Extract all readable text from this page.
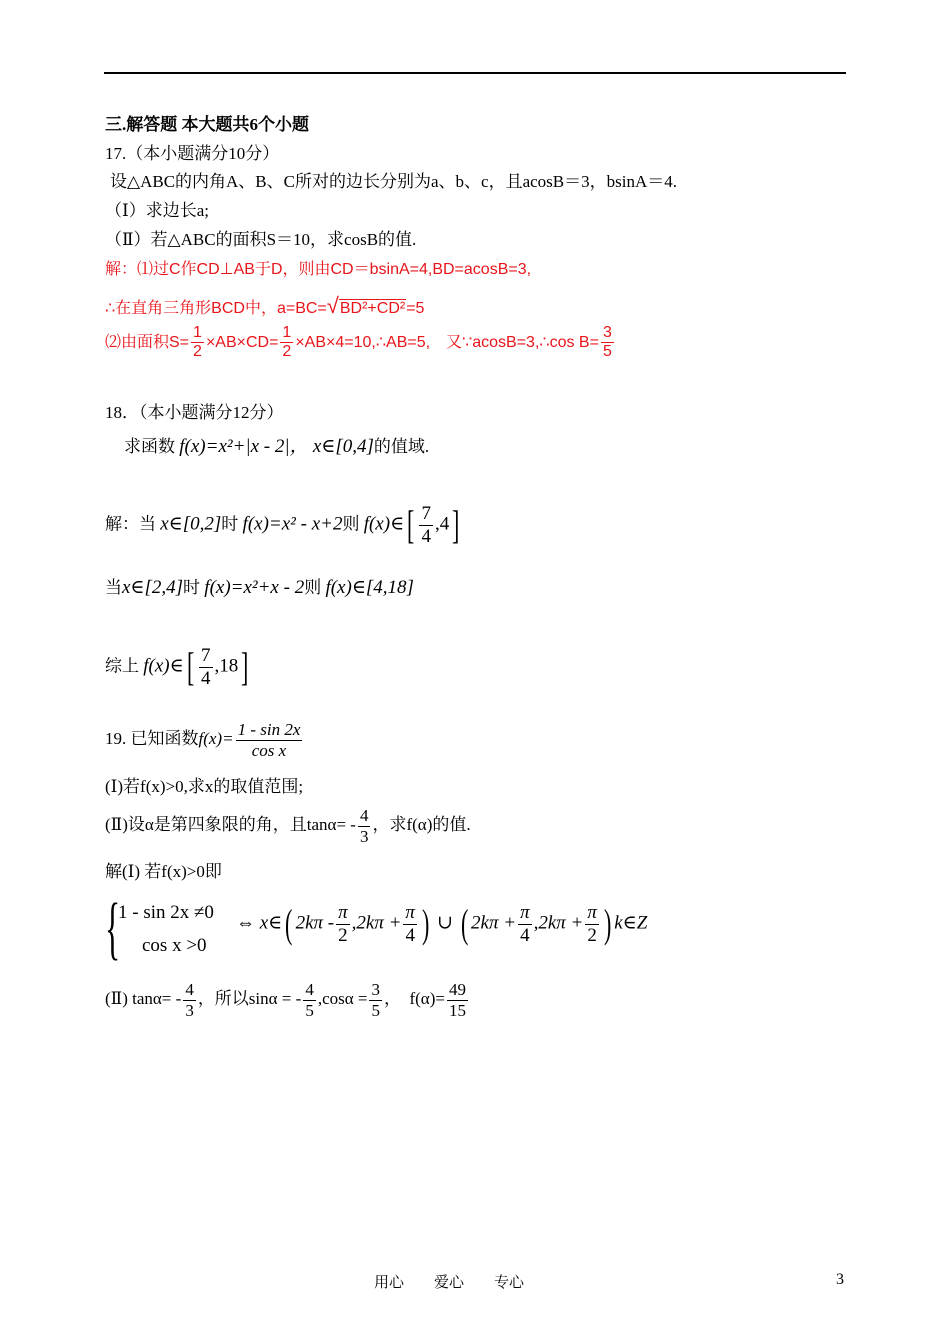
三.解答题 本大题共6个小题
17.（本小题满分10分）
设△ABC的内角A、B、C所对的边长分别为a、b、c，且acosB＝3，bsinA＝4.
（Ⅰ）求边长a;
（Ⅱ）若△ABC的面积S＝10，求cosB的值.
解：⑴过C作CD⊥AB于D，则由CD＝bsinA=4,BD=acosB=3,
∴在直角三角形BCD中，a=BC=√BD²+CD²=5
⑵由面积$S= \frac{1}{2} \times AB\times CD= \frac{1}{2}$ ×AB×4=10,∴AB=5,　又∵acosB=3,∴cos $B= \frac{3}{5}$
18．（本小题满分12分）
求函数 f(x)=x²+|x - 2|， x∈[0,4]的值域.
解：当 x∈[0,2]时 f(x)=x² - x+2则 f(x)∈[ $\frac{7}{4} ,4$]
当x∈[2,4]时 f(x)=x²+x - 2则 f(x)∈[4,18]
综上 f(x)∈[ $\frac{7}{4} ,18$]
19. 已知函数$f(x)= \frac{1 - \sin 2x}{\text{cos x}}$
(Ⅰ)若f(x)>0,求x的取值范围;
(Ⅱ)设α是第四象限的角，且$\tan\alpha= - \frac{4}{3}$ ，求f(α)的值.
解(Ⅰ) 若f(x)>0即
{
1 - sin 2x ≠0
cos x >0
⇔ x∈( $2k\pi - \frac{\pi}{2} ,2k\pi + \frac{\pi}{4}$ ) ∪ ( $2k\pi + \frac{\pi}{4} ,2k\pi + \frac{\pi}{2}$ ) k∈Z
(Ⅱ) $\tan\alpha= - \frac{4}{3}$ ，所以sinα = - $\frac{4}{5} ,\cos\alpha = \frac{3}{5}$ ，　$f(\alpha)= \frac{49}{15}$
用心　　爱心　　专心	3
